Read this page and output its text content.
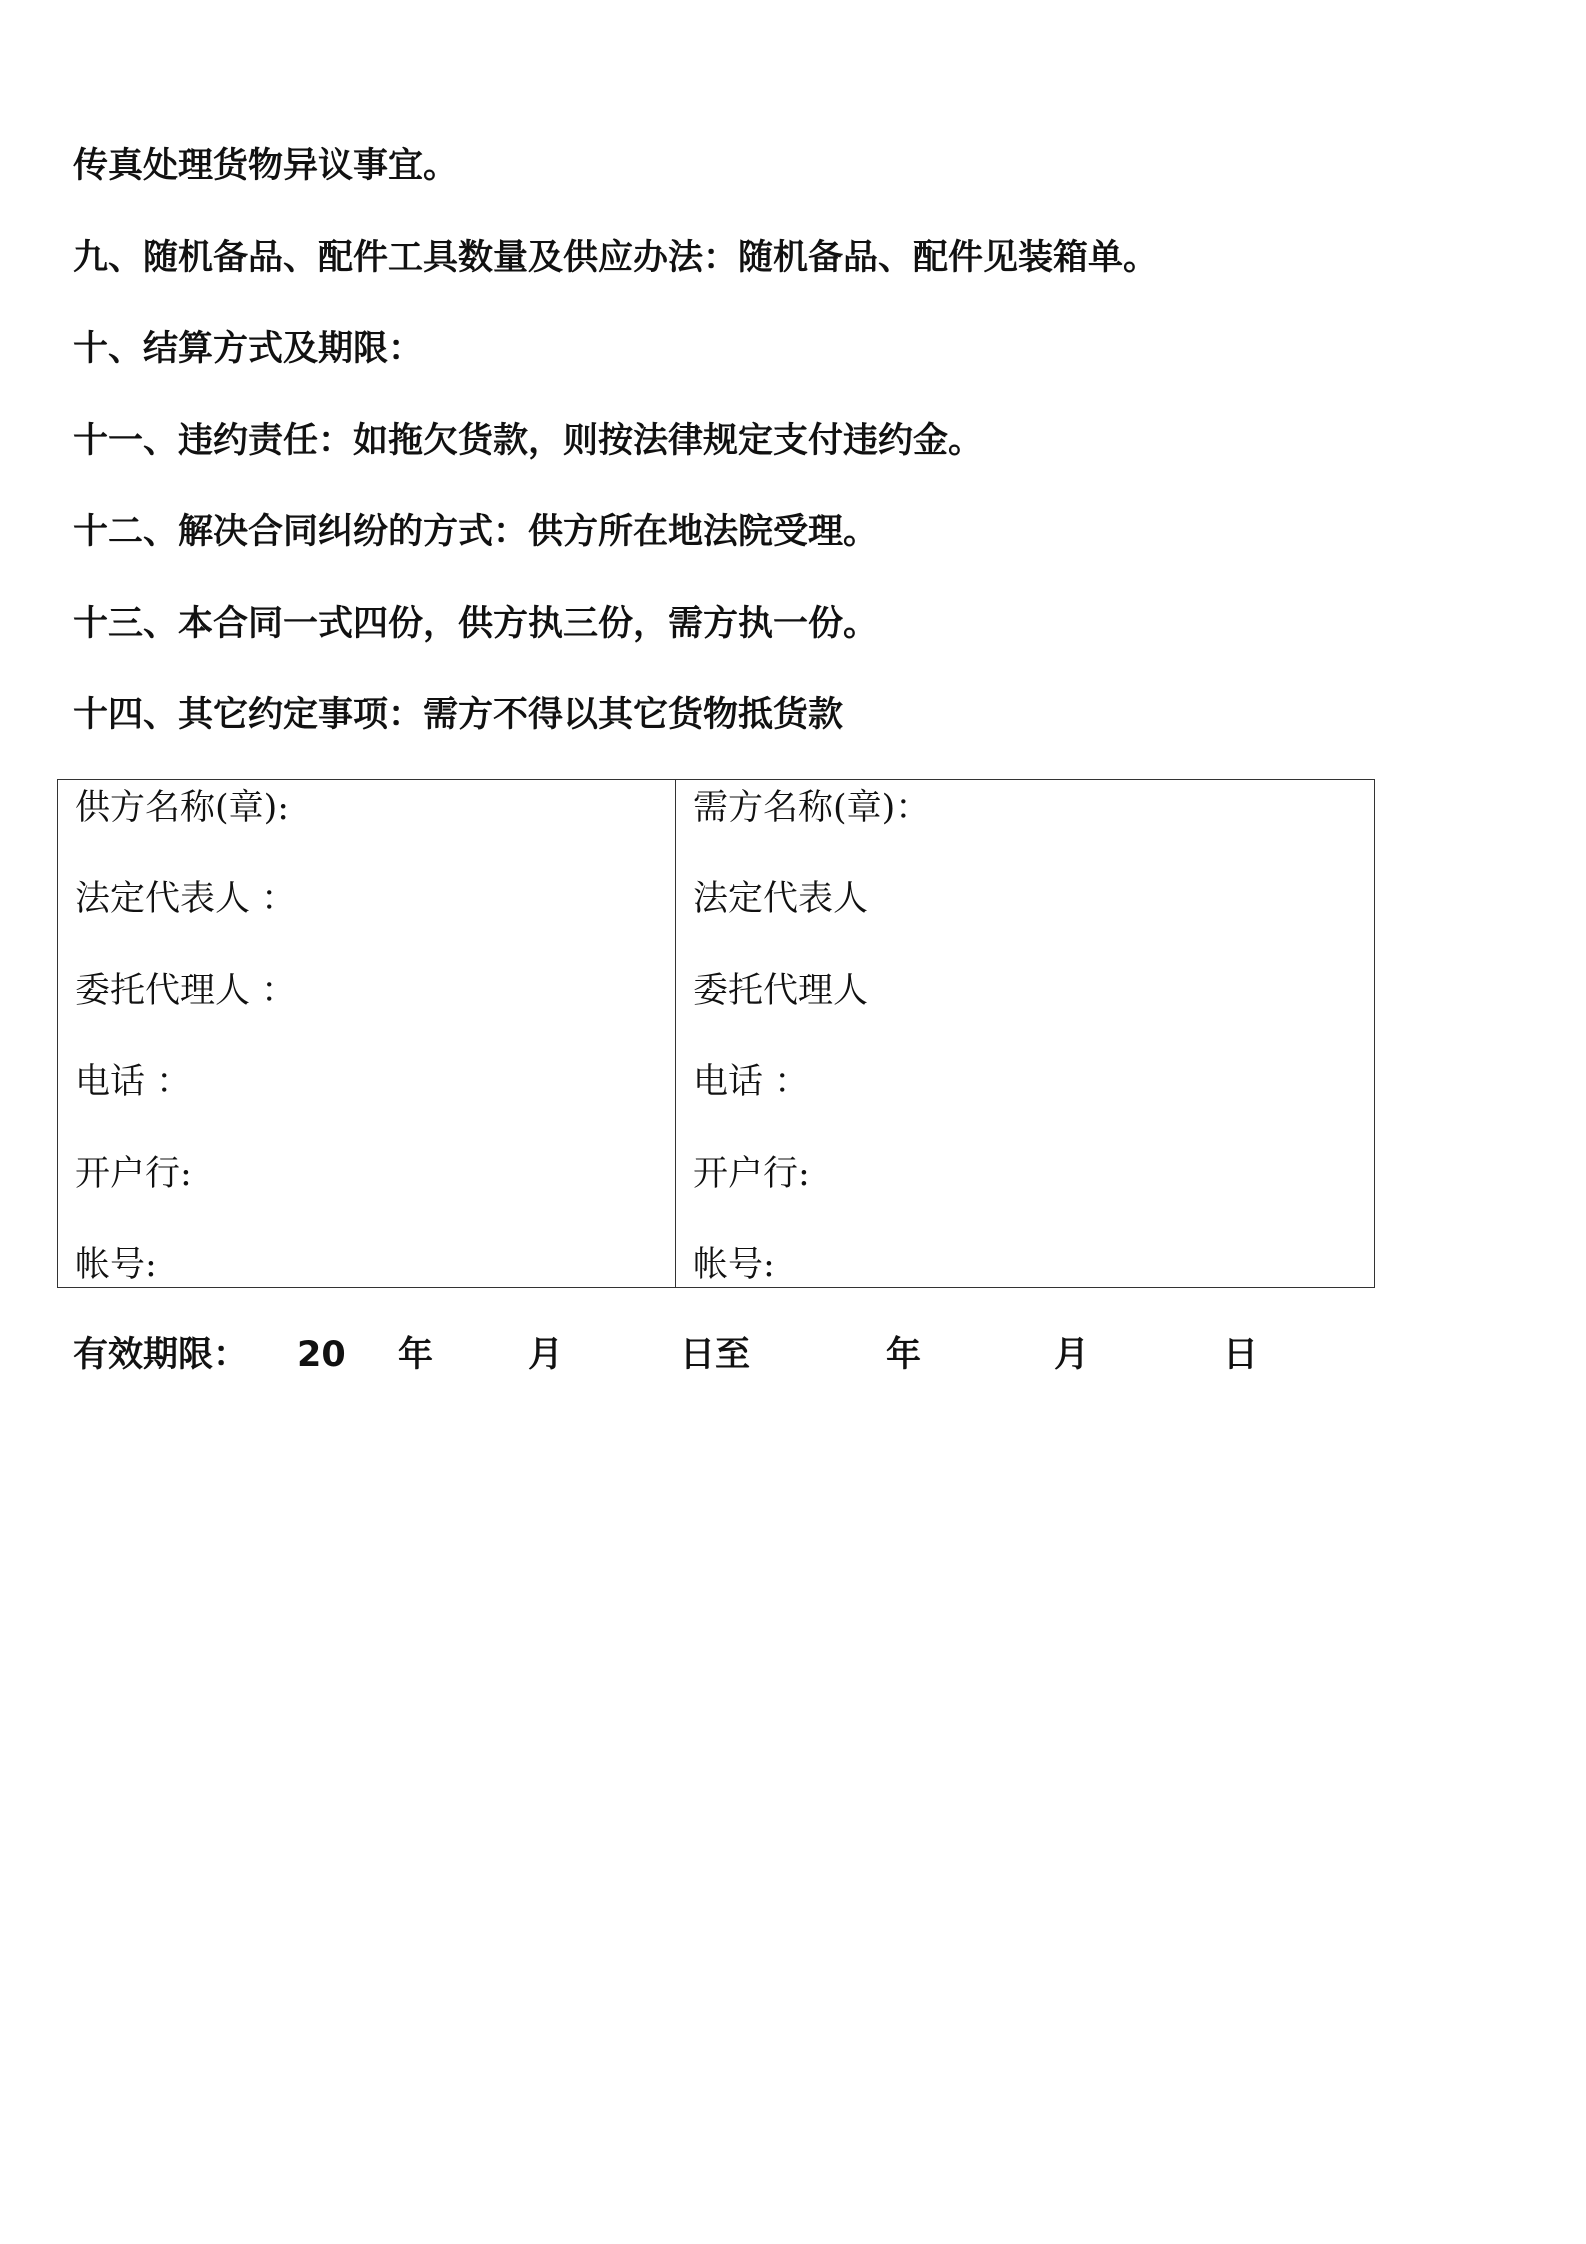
传真处理货物异议事宜。
九、随机备品、配件工具数量及供应办法：随机备品、配件见装箱单。
十、结算方式及期限：
十一、违约责任：如拖欠货款，则按法律规定支付违约金。
十二、解决合同纠纷的方式：供方所在地法院受理。
十三、本合同一式四份，供方执三份，需方执一份。
十四、其它约定事项：需方不得以其它货物抵货款
供方名称(章):
法定代表人 ：
委托代理人 ：
电话 ：
开户行:
帐号:
需方名称(章)：
法定代表人
委托代理人
电话 ：
开户行:
帐号:
有效期限： 20 年	月	日至	年	月	日
